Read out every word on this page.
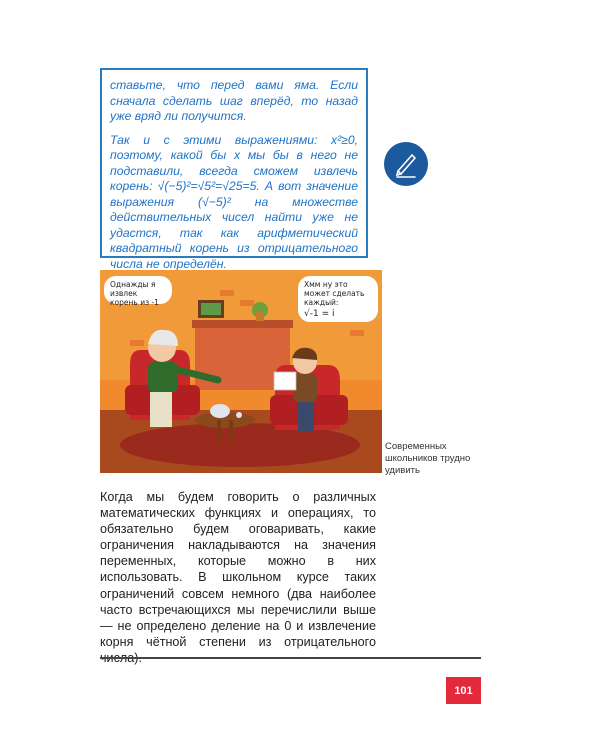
ставьте, что перед вами яма. Если сначала сделать шаг вперёд, то назад уже вряд ли получится.

Так и с этими выражениями: x²≥0, поэтому, какой бы x мы бы в него не подставили, всегда сможем извлечь корень: √(−5)²=√5²=√25=5. А вот значение выражения (√−5)² на множестве действительных чисел найти уже не удастся, так как арифметический квадратный корень из отрицательного числа не определён.

Однажды я извлек корень из -1
Хмм ну это может сделать каждый:
√-1 = i
Современных школьников трудно удивить
Когда мы будем говорить о различных математических функциях и операциях, то обязательно будем оговаривать, какие ограничения накладываются на значения переменных, которые можно в них использовать. В школьном курсе таких ограничений совсем немного (два наиболее часто встречающихся мы перечислили выше — не определено деление на 0 и извлечение корня чётной степени из отрицательного
101
